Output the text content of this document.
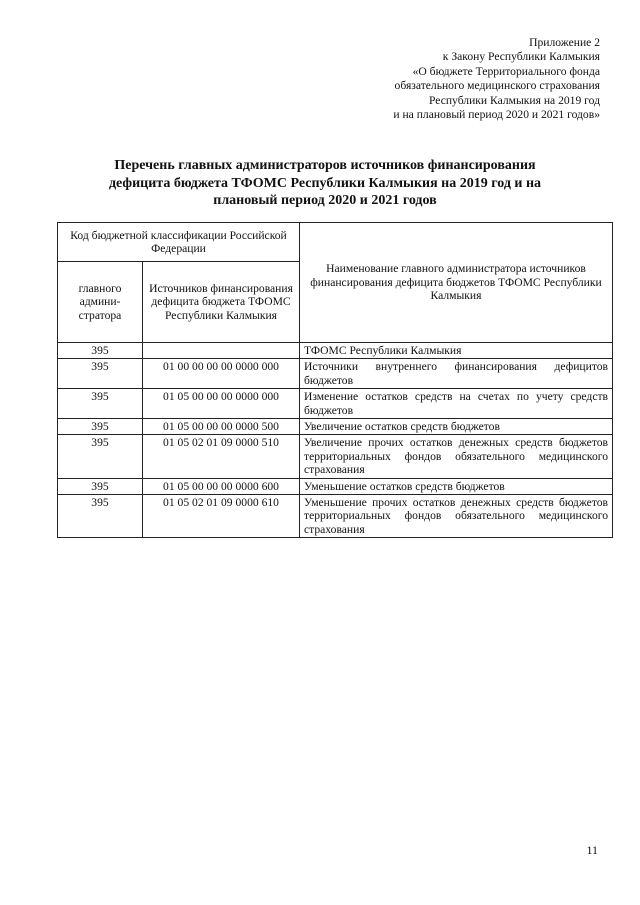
Приложение 2
к Закону Республики Калмыкия
«О бюджете Территориального фонда
обязательного медицинского страхования
Республики Калмыкия на 2019 год
и на плановый период 2020 и 2021 годов»
Перечень главных администраторов источников финансирования
дефицита бюджета ТФОМС Республики Калмыкия на 2019 год и на
плановый период 2020 и 2021 годов
Код бюджетной классификации Российской Федерации		Наименование главного администратора источников финансирования дефицита бюджетов ТФОМС Республики Калмыкия
главного админи-стратора	Источников финансирования дефицита бюджета ТФОМС Республики Калмыкия	
395		ТФОМС Республики Калмыкия
395	01 00 00 00 00 0000 000	Источники внутреннего финансирования дефицитов бюджетов
395	01 05 00 00 00 0000 000	Изменение остатков средств на счетах по учету средств бюджетов
395	01 05 00 00 00 0000 500	Увеличение остатков средств бюджетов
395	01 05 02 01 09 0000 510	Увеличение прочих остатков денежных средств бюджетов территориальных фондов обязательного медицинского страхования
395	01 05 00 00 00 0000 600	Уменьшение остатков средств бюджетов
395	01 05 02 01 09 0000 610	Уменьшение прочих остатков денежных средств бюджетов территориальных фондов обязательного медицинского страхования
11
